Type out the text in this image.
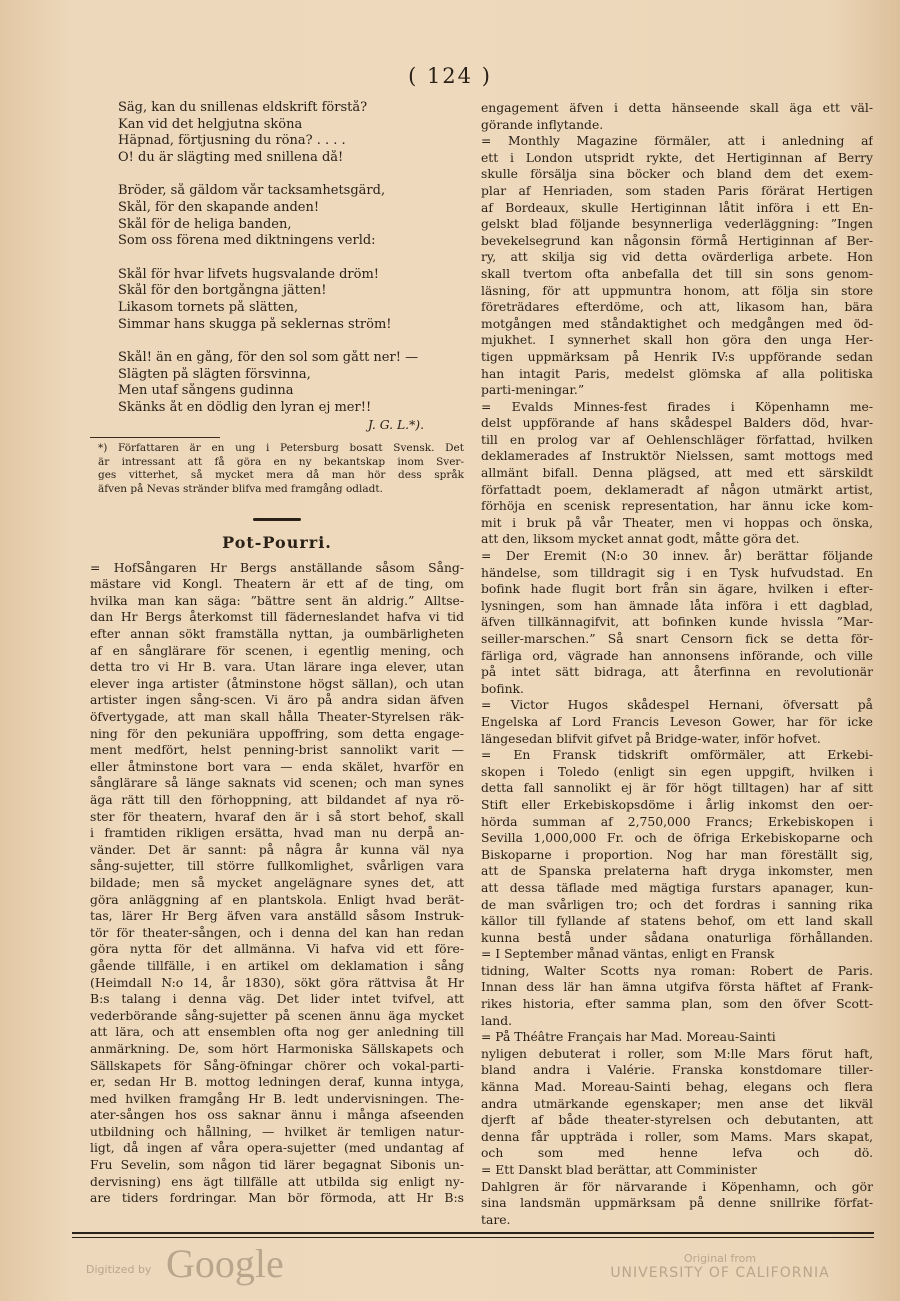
( 124 )
Säg, kan du snillenas eldskrift förstå?
Kan vid det helgjutna sköna
Häpnad, förtjusning du röna? . . . .
O! du är slägting med snillena då!
Bröder, så gäldom vår tacksamhetsgärd,
Skål, för den skapande anden!
Skål för de heliga banden,
Som oss förena med diktningens verld:
Skål för hvar lifvets hugsvalande dröm!
Skål för den bortgångna jätten!
Likasom tornets på slätten,
Simmar hans skugga på seklernas ström!
Skål! än en gång, för den sol som gått ner! —
Slägten på slägten försvinna,
Men utaf sångens gudinna
Skänks åt en dödlig den lyran ej mer!!
J. G. L.*).
*) Författaren är en ung i Petersburg bosatt Svensk. Det
är intressant att få göra en ny bekantskap inom Sver-
ges vitterhet, så mycket mera då man hör dess språk
äfven på Nevas stränder blifva med framgång odladt.
Pot-Pourri.
= HofSångaren Hr Bergs anställande såsom Sång-
mästare vid Kongl. Theatern är ett af de ting, om
hvilka man kan säga: ”bättre sent än aldrig.” Alltse-
dan Hr Bergs återkomst till fäderneslandet hafva vi tid
efter annan sökt framställa nyttan, ja oumbärligheten
af en sånglärare för scenen, i egentlig mening, och
detta tro vi Hr B. vara. Utan lärare inga elever, utan
elever inga artister (åtminstone högst sällan), och utan
artister ingen sång-scen. Vi äro på andra sidan äfven
öfvertygade, att man skall hålla Theater-Styrelsen räk-
ning för den pekuniära uppoffring, som detta engage-
ment medfört, helst penning-brist sannolikt varit —
eller åtminstone bort vara — enda skälet, hvarför en
sånglärare så länge saknats vid scenen; och man synes
äga rätt till den förhoppning, att bildandet af nya rö-
ster för theatern, hvaraf den är i så stort behof, skall
i framtiden rikligen ersätta, hvad man nu derpå an-
vänder. Det är sannt: på några år kunna väl nya
sång-sujetter, till större fullkomlighet, svårligen vara
bildade; men så mycket angelägnare synes det, att
göra anläggning af en plantskola. Enligt hvad berät-
tas, lärer Hr Berg äfven vara anställd såsom Instruk-
tör för theater-sången, och i denna del kan han redan
göra nytta för det allmänna. Vi hafva vid ett före-
gående tillfälle, i en artikel om deklamation i sång
(Heimdall N:o 14, år 1830), sökt göra rättvisa åt Hr
B:s talang i denna väg. Det lider intet tvifvel, att
vederbörande sång-sujetter på scenen ännu äga mycket
att lära, och att ensemblen ofta nog ger anledning till
anmärkning. De, som hört Harmoniska Sällskapets och
Sällskapets för Sång-öfningar chörer och vokal-parti-
er, sedan Hr B. mottog ledningen deraf, kunna intyga,
med hvilken framgång Hr B. ledt undervisningen. The-
ater-sången hos oss saknar ännu i många afseenden
utbildning och hållning, — hvilket är temligen natur-
ligt, då ingen af våra opera-sujetter (med undantag af
Fru Sevelin, som någon tid lärer begagnat Sibonis un-
dervisning) ens ägt tillfälle att utbilda sig enligt ny-
are tiders fordringar. Man bör förmoda, att Hr B:s
engagement äfven i detta hänseende skall äga ett väl-
görande inflytande.
= Monthly Magazine förmäler, att i anledning af
ett i London utspridt rykte, det Hertiginnan af Berry
skulle försälja sina böcker och bland dem det exem-
plar af Henriaden, som staden Paris förärat Hertigen
af Bordeaux, skulle Hertiginnan låtit införa i ett En-
gelskt blad följande besynnerliga vederläggning: ”Ingen
bevekelsegrund kan någonsin förmå Hertiginnan af Ber-
ry, att skilja sig vid detta ovärderliga arbete. Hon
skall tvertom ofta anbefalla det till sin sons genom-
läsning, för att uppmuntra honom, att följa sin store
företrädares efterdöme, och att, likasom han, bära
motgången med ståndaktighet och medgången med öd-
mjukhet. I synnerhet skall hon göra den unga Her-
tigen uppmärksam på Henrik IV:s uppförande sedan
han intagit Paris, medelst glömska af alla politiska
parti-meningar.”
= Evalds Minnes-fest firades i Köpenhamn me-
delst uppförande af hans skådespel Balders död, hvar-
till en prolog var af Oehlenschläger författad, hvilken
deklamerades af Instruktör Nielssen, samt mottogs med
allmänt bifall. Denna plägsed, att med ett särskildt
författadt poem, deklameradt af någon utmärkt artist,
förhöja en scenisk representation, har ännu icke kom-
mit i bruk på vår Theater, men vi hoppas och önska,
att den, liksom mycket annat godt, måtte göra det.
= Der Eremit (N:o 30 innev. år) berättar följande
händelse, som tilldragit sig i en Tysk hufvudstad. En
bofink hade flugit bort från sin ägare, hvilken i efter-
lysningen, som han ämnade låta införa i ett dagblad,
äfven tillkännagifvit, att bofinken kunde hvissla ”Mar-
seiller-marschen.” Så snart Censorn fick se detta för-
färliga ord, vägrade han annonsens införande, och ville
på intet sätt bidraga, att återfinna en revolutionär
bofink.
= Victor Hugos skådespel Hernani, öfversatt på
Engelska af Lord Francis Leveson Gower, har för icke
längesedan blifvit gifvet på Bridge-water, inför hofvet.
= En Fransk tidskrift omförmäler, att Erkebi-
skopen i Toledo (enligt sin egen uppgift, hvilken i
detta fall sannolikt ej är för högt tilltagen) har af sitt
Stift eller Erkebiskopsdöme i årlig inkomst den oer-
hörda summan af 2,750,000 Francs; Erkebiskopen i
Sevilla 1,000,000 Fr. och de öfriga Erkebiskoparne och
Biskoparne i proportion. Nog har man föreställt sig,
att de Spanska prelaterna haft dryga inkomster, men
att dessa täflade med mägtiga furstars apanager, kun-
de man svårligen tro; och det fordras i sanning rika
källor till fyllande af statens behof, om ett land skall
kunna bestå under sådana onaturliga förhållanden.
= I September månad väntas, enligt en Fransk
tidning, Walter Scotts nya roman: Robert de Paris.
Innan dess lär han ämna utgifva första häftet af Frank-
rikes historia, efter samma plan, som den öfver Scott-
land.
= På Théâtre Français har Mad. Moreau-Sainti
nyligen debuterat i roller, som M:lle Mars förut haft,
bland andra i Valérie. Franska konstdomare tiller-
känna Mad. Moreau-Sainti behag, elegans och flera
andra utmärkande egenskaper; men anse det likväl
djerft af både theater-styrelsen och debutanten, att
denna får uppträda i roller, som Mams. Mars skapat,
och som med henne lefva och dö.
= Ett Danskt blad berättar, att Comminister
Dahlgren är för närvarande i Köpenhamn, och gör
sina landsmän uppmärksam på denne snillrike förfat-
tare.
Digitized by Google	Original from
UNIVERSITY OF CALIFORNIA
